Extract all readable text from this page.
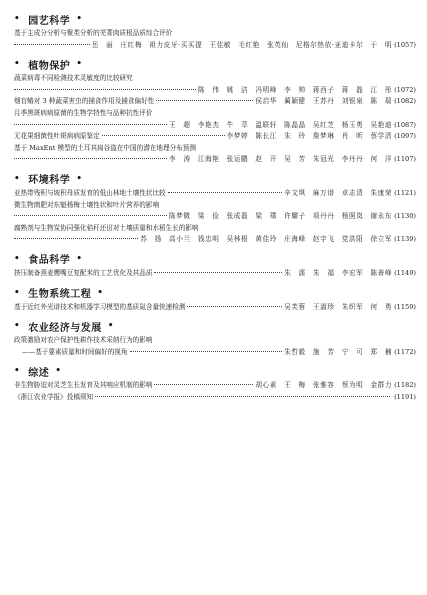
• 园艺科学 •
基于主成分分析与聚类分析的芜菁肉质根品质综合评价
岳　丽　庄红梅　祖力皮牙·买买提　王佳敏　毛红艳　张英仙　尼格尔热依·亚迪卡尔　于　明 (1057)
• 植物保护 •
蔬菜病毒不同检测技术灵敏度的比较研究
陈　伟　姚　洁　冯明峰　李　帅　蒋西子　蒋　磊　江　彤 (1072)
烟盲蝽对 3 种蔬菜害虫的捕食作用及捕食偏好性	侯启华　蔺颖健　王苏丹　刘银泉　陈　瑞 (1082)
月季黑斑病病原菌的生物学特性与品种抗性评价
王　超　李艳杰　牛　萃　温联轩　陈晶晶　吴红芝　杨玉勇　吴艳迪 (1087)
无花果细菌性叶斑病病原鉴定	李梦婷　陈长江　朱　玲　詹梦琳　肖　昕　蔡学清 (1097)
基于 MaxEnt 模型的土耳其扁谷盗在中国的潜在地理分布预测
李　涛　江海艳　张运鹏　赵　开　吴　芳　朱冠光　李丹丹　何　洋 (1107)
• 环境科学 •
亚热带残积与坡积母质发育的低山林地土壤性状比较	辛文琪　麻万谱　卓志清　朱康荣 (1121)
微生物菌肥对东魁杨梅土壤性状和叶片营养的影响
陈梦微　梁　俭　张成磊　梁　璞　许耀子　项丹丹　杨照岚　谢永东 (1130)
腐熟剂与生物炭协同强化秸秆还田对土壤质量和水稻生长的影响
苏　扬　高小兰　钱忠明　吴林根　黄佳玲　庄海峰　赵宇飞　党洪阳　徐立军 (1139)
• 食品科学 •
挤压制备燕麦鹰嘴豆复配米的工艺优化及其品质	朱　濡　朱　福　李宏军　陈善峰 (1149)
• 生物系统工程 •
基于近红外光谱技术和机器学习模型的基质氮含量快速检测	吴芙蓉　王淑珍　朱织军　何　勇 (1159)
• 农业经济与发展 •
政策激励对农户保护性耕作技术采纳行为的影响
——基于要素质量和时间偏好的视角	朱哲毅　施　芳　宁　可　郑　楠 (1172)
• 综述 •
非生物胁迫对灵芝生长发育及其响应机制的影响	胡心素　王　梅　张雅容　蔡为明　金群力 (1182)
《浙江农业学报》投稿须知	(1191)
